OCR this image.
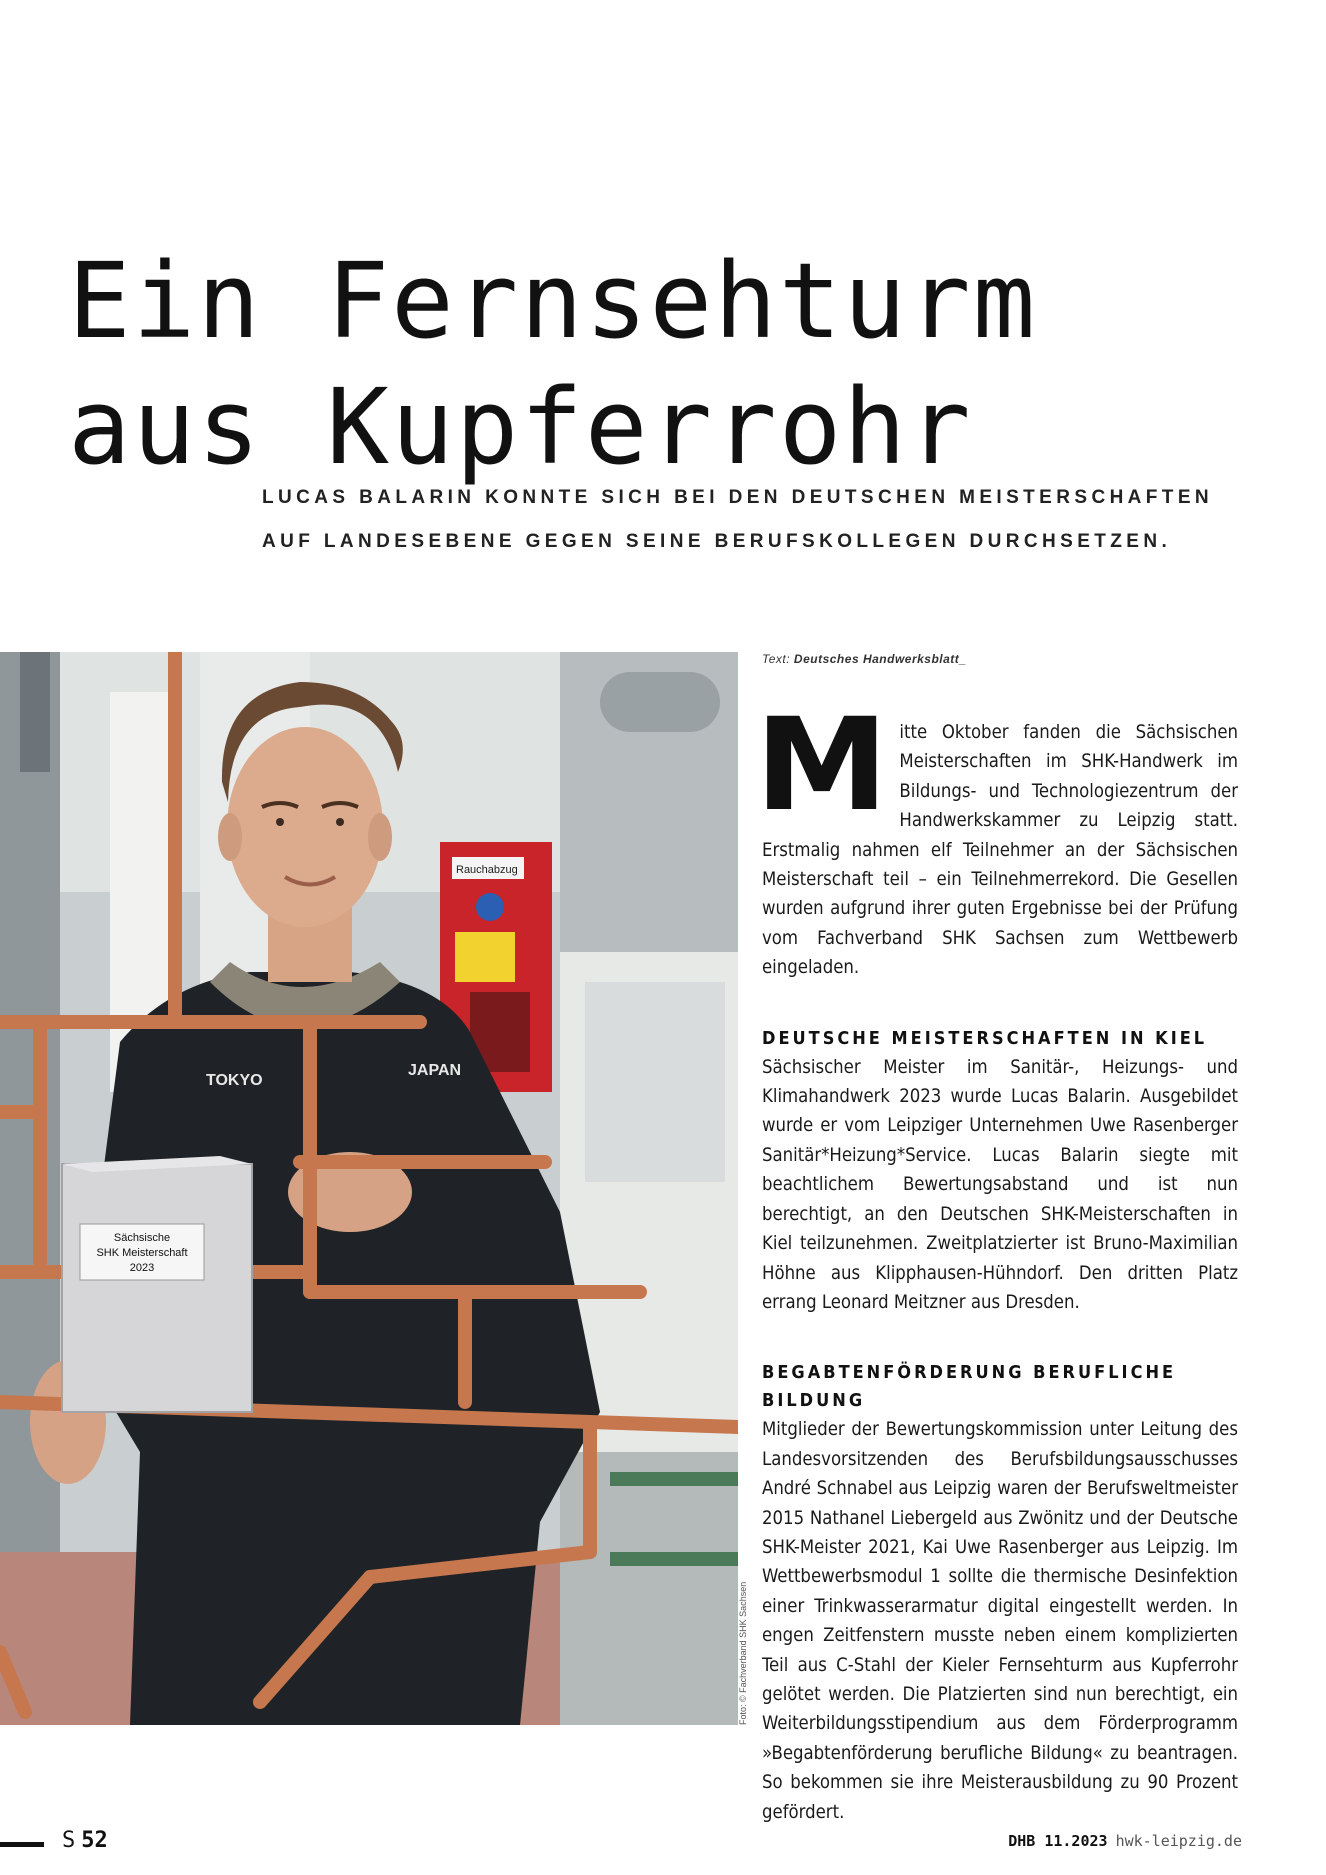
Ein Fernsehturm
aus Kupferrohr
LUCAS BALARIN KONNTE SICH BEI DEN DEUTSCHEN MEISTERSCHAFTEN
AUF LANDESEBENE GEGEN SEINE BERUFSKOLLEGEN DURCHSETZEN.
Rauchabzug
TOKYO
JAPAN
Sächsische
SHK Meisterschaft
2023
Foto: © Fachverband SHK Sachsen
Text: Deutsches Handwerksblatt_

Mitte Oktober fanden die Sächsischen Meisterschaften im SHK-Handwerk im Bildungs- und Technologiezentrum der Handwerkskammer zu Leipzig statt. Erstmalig nahmen elf Teilnehmer an der Sächsischen Meisterschaft teil – ein Teilnehmerrekord. Die Gesellen wurden aufgrund ihrer guten Ergebnisse bei der Prüfung vom Fachverband SHK Sachsen zum Wettbewerb eingeladen.

DEUTSCHE MEISTERSCHAFTEN IN KIEL

Sächsischer Meister im Sanitär-, Heizungs- und Klimahandwerk 2023 wurde Lucas Balarin. Ausgebildet wurde er vom Leipziger Unternehmen Uwe Rasenberger Sanitär*Heizung*Service. Lucas Balarin siegte mit beachtlichem Bewertungsabstand und ist nun berechtigt, an den Deutschen SHK-Meisterschaften in Kiel teilzunehmen. Zweitplatzierter ist Bruno-Maximilian Höhne aus Klipphausen-Hühndorf. Den dritten Platz errang Leonard Meitzner aus Dresden.

BEGABTENFÖRDERUNG BERUFLICHE BILDUNG

Mitglieder der Bewertungskommission unter Leitung des Landesvorsitzenden des Berufsbildungsausschusses André Schnabel aus Leipzig waren der Berufsweltmeister 2015 Nathanel Liebergeld aus Zwönitz und der Deutsche SHK-Meister 2021, Kai Uwe Rasenberger aus Leipzig. Im Wettbewerbsmodul 1 sollte die thermische Desinfektion einer Trinkwasserarmatur digital eingestellt werden. In engen Zeitfenstern musste neben einem komplizierten Teil aus C-Stahl der Kieler Fernsehturm aus Kupferrohr gelötet werden. Die Platzierten sind nun berechtigt, ein Weiterbildungsstipendium aus dem Förderprogramm »Begabtenförderung berufliche Bildung« zu beantragen. So bekommen sie ihre Meisterausbildung zu 90 Prozent gefördert.

S 52	DHB 11.2023 hwk-leipzig.de
